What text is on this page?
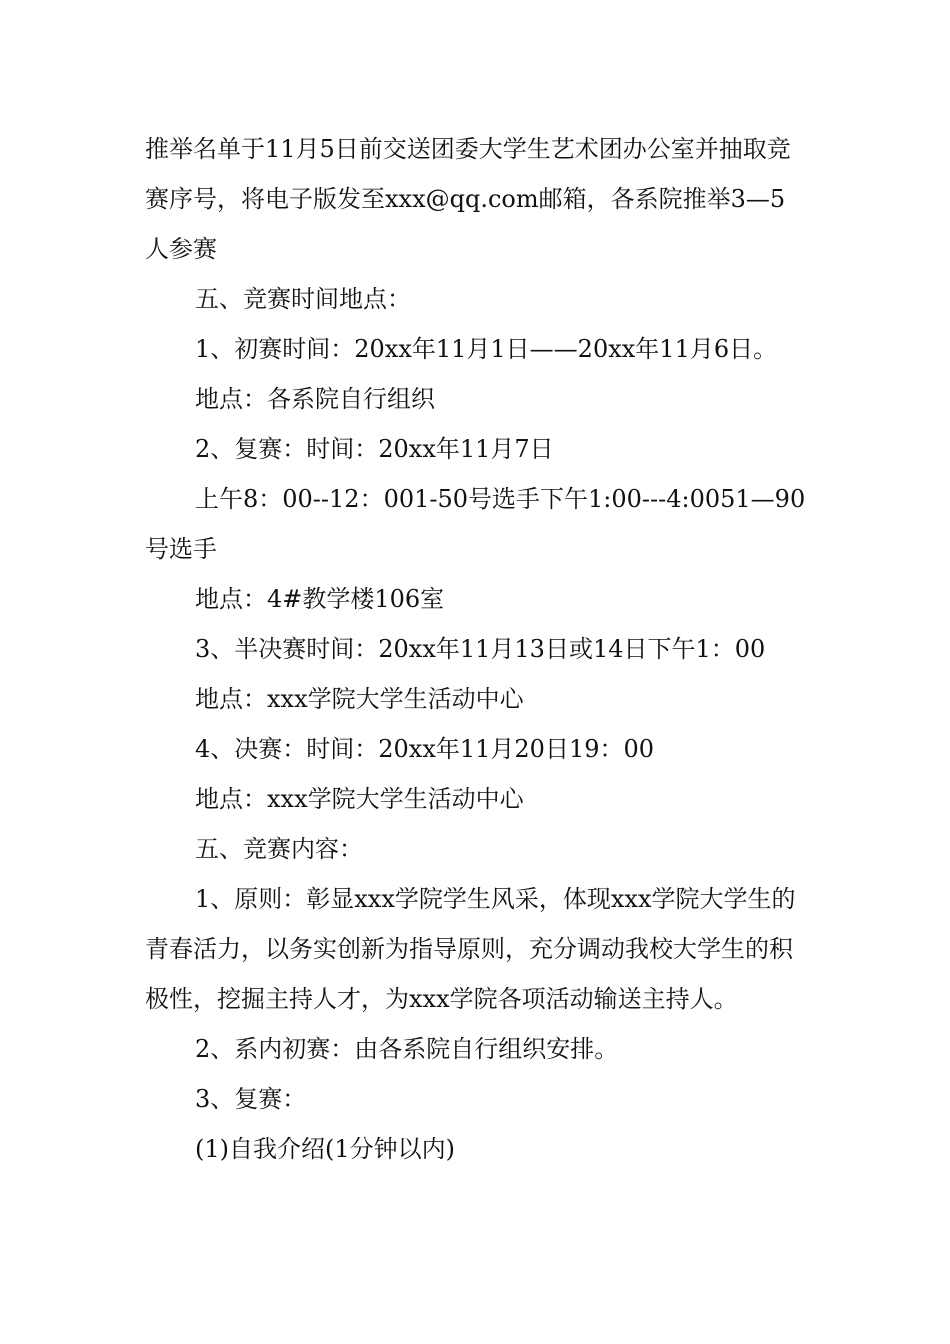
推举名单于11月5日前交送团委大学生艺术团办公室并抽取竞赛序号，将电子版发至xxx@qq.com邮箱，各系院推举3—5人参赛

五、竞赛时间地点：

1、初赛时间：20xx年11月1日——20xx年11月6日。

地点：各系院自行组织

2、复赛：时间：20xx年11月7日

上午8：00--12：001-50号选手下午1:00---4:0051—90号选手

地点：4#教学楼106室

3、半决赛时间：20xx年11月13日或14日下午1：00

地点：xxx学院大学生活动中心

4、决赛：时间：20xx年11月20日19：00

地点：xxx学院大学生活动中心

五、竞赛内容：

1、原则：彰显xxx学院学生风采，体现xxx学院大学生的青春活力，以务实创新为指导原则，充分调动我校大学生的积极性，挖掘主持人才，为xxx学院各项活动输送主持人。

2、系内初赛：由各系院自行组织安排。

3、复赛：

(1)自我介绍(1分钟以内)
